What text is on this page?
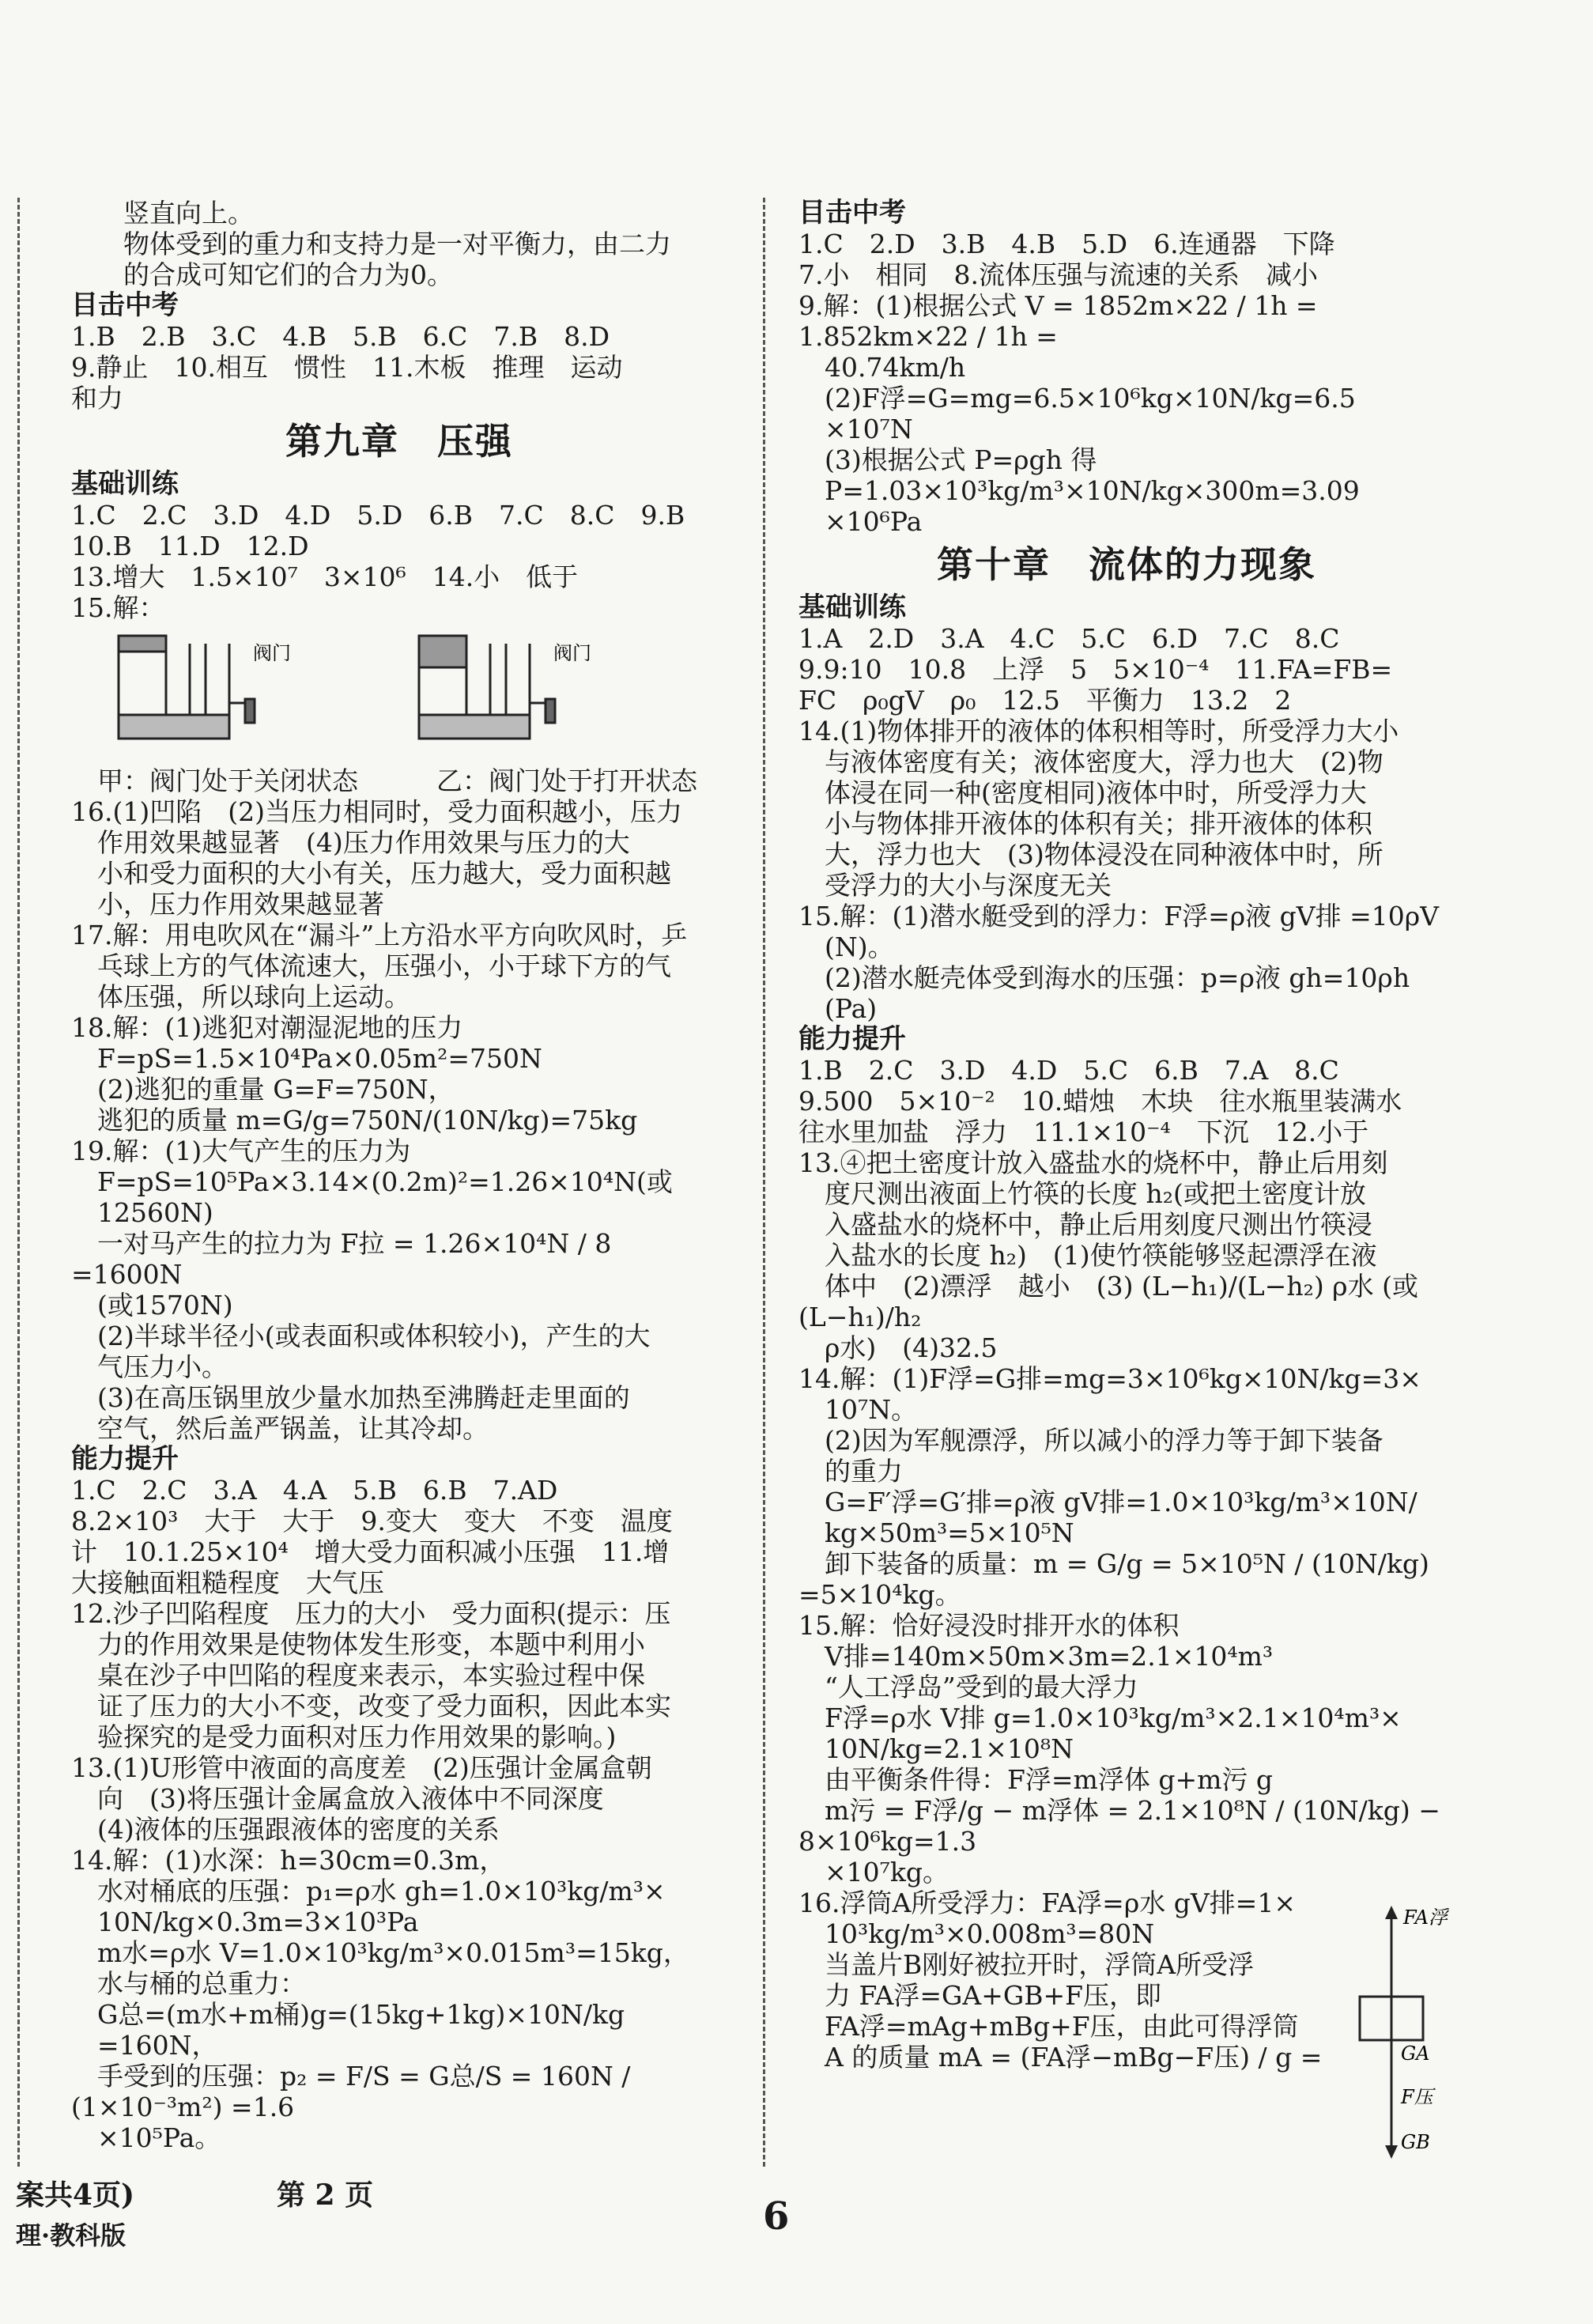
　　竖直向上。

　　物体受到的重力和支持力是一对平衡力，由二力

　　的合成可知它们的合力为0。

目击中考

1.B　2.B　3.C　4.B　5.B　6.C　7.B　8.D

9.静止　10.相互　惯性　11.木板　推理　运动

和力

第九章　压强

基础训练

1.C　2.C　3.D　4.D　5.D　6.B　7.C　8.C　9.B

10.B　11.D　12.D

13.增大　1.5×10⁷　3×10⁶　14.小　低于

15.解：

阀门	阀门

　甲：阀门处于关闭状态　　　乙：阀门处于打开状态

16.(1)凹陷　(2)当压力相同时，受力面积越小，压力

　作用效果越显著　(4)压力作用效果与压力的大

　小和受力面积的大小有关，压力越大，受力面积越

　小，压力作用效果越显著

17.解：用电吹风在“漏斗”上方沿水平方向吹风时，乒

　乓球上方的气体流速大，压强小，小于球下方的气

　体压强，所以球向上运动。

18.解：(1)逃犯对潮湿泥地的压力

　F=pS=1.5×10⁴Pa×0.05m²=750N

　(2)逃犯的重量 G=F=750N，

　逃犯的质量 m=G/g=750N/(10N/kg)=75kg

19.解：(1)大气产生的压力为

　F=pS=10⁵Pa×3.14×(0.2m)²=1.26×10⁴N(或

　12560N)

　一对马产生的拉力为 F拉 = 1.26×10⁴N / 8 =1600N

　(或1570N)

　(2)半球半径小(或表面积或体积较小)，产生的大

　气压力小。

　(3)在高压锅里放少量水加热至沸腾赶走里面的

　空气，然后盖严锅盖，让其冷却。

能力提升

1.C　2.C　3.A　4.A　5.B　6.B　7.AD

8.2×10³　大于　大于　9.变大　变大　不变　温度

计　10.1.25×10⁴　增大受力面积减小压强　11.增

大接触面粗糙程度　大气压

12.沙子凹陷程度　压力的大小　受力面积(提示：压

　力的作用效果是使物体发生形变，本题中利用小

　桌在沙子中凹陷的程度来表示，本实验过程中保

　证了压力的大小不变，改变了受力面积，因此本实

　验探究的是受力面积对压力作用效果的影响。)

13.(1)U形管中液面的高度差　(2)压强计金属盒朝

　向　(3)将压强计金属盒放入液体中不同深度

　(4)液体的压强跟液体的密度的关系

14.解：(1)水深：h=30cm=0.3m，

　水对桶底的压强：p₁=ρ水 gh=1.0×10³kg/m³×

　10N/kg×0.3m=3×10³Pa

　m水=ρ水 V=1.0×10³kg/m³×0.015m³=15kg，

　水与桶的总重力：

　G总=(m水+m桶)g=(15kg+1kg)×10N/kg

　=160N，

　手受到的压强：p₂ = F/S = G总/S = 160N / (1×10⁻³m²) =1.6

　×10⁵Pa。

目击中考

1.C　2.D　3.B　4.B　5.D　6.连通器　下降

7.小　相同　8.流体压强与流速的关系　减小

9.解：(1)根据公式 V = 1852m×22 / 1h = 1.852km×22 / 1h =

　40.74km/h

　(2)F浮=G=mg=6.5×10⁶kg×10N/kg=6.5

　×10⁷N

　(3)根据公式 P=ρgh 得

　P=1.03×10³kg/m³×10N/kg×300m=3.09

　×10⁶Pa

第十章　流体的力现象

基础训练

1.A　2.D　3.A　4.C　5.C　6.D　7.C　8.C

9.9:10　10.8　上浮　5　5×10⁻⁴　11.FA=FB=

FC　ρ₀gV　ρ₀　12.5　平衡力　13.2　2

14.(1)物体排开的液体的体积相等时，所受浮力大小

　与液体密度有关；液体密度大，浮力也大　(2)物

　体浸在同一种(密度相同)液体中时，所受浮力大

　小与物体排开液体的体积有关；排开液体的体积

　大，浮力也大　(3)物体浸没在同种液体中时，所

　受浮力的大小与深度无关

15.解：(1)潜水艇受到的浮力：F浮=ρ液 gV排 =10ρV

　(N)。

　(2)潜水艇壳体受到海水的压强：p=ρ液 gh=10ρh

　(Pa)

能力提升

1.B　2.C　3.D　4.D　5.C　6.B　7.A　8.C

9.500　5×10⁻²　10.蜡烛　木块　往水瓶里装满水

往水里加盐　浮力　11.1×10⁻⁴　下沉　12.小于

13.④把土密度计放入盛盐水的烧杯中，静止后用刻

　度尺测出液面上竹筷的长度 h₂(或把土密度计放

　入盛盐水的烧杯中，静止后用刻度尺测出竹筷浸

　入盐水的长度 h₂)　(1)使竹筷能够竖起漂浮在液

　体中　(2)漂浮　越小　(3) (L−h₁)/(L−h₂) ρ水 (或 (L−h₁)/h₂

　ρ水)　(4)32.5

14.解：(1)F浮=G排=mg=3×10⁶kg×10N/kg=3×

　10⁷N。

　(2)因为军舰漂浮，所以减小的浮力等于卸下装备

　的重力

　G=F′浮=G′排=ρ液 gV排=1.0×10³kg/m³×10N/

　kg×50m³=5×10⁵N

　卸下装备的质量：m = G/g = 5×10⁵N / (10N/kg) =5×10⁴kg。

15.解：恰好浸没时排开水的体积

　V排=140m×50m×3m=2.1×10⁴m³

　“人工浮岛”受到的最大浮力

　F浮=ρ水 V排 g=1.0×10³kg/m³×2.1×10⁴m³×

　10N/kg=2.1×10⁸N

　由平衡条件得：F浮=m浮体 g+m污 g

　m污 = F浮/g − m浮体 = 2.1×10⁸N / (10N/kg) − 8×10⁶kg=1.3

　×10⁷kg。

16.浮筒A所受浮力：FA浮=ρ水 gV排=1×

　10³kg/m³×0.008m³=80N

　当盖片B刚好被拉开时，浮筒A所受浮

　力 FA浮=GA+GB+F压，即

　FA浮=mAg+mBg+F压，由此可得浮筒

　A 的质量 mA = (FA浮−mBg−F压) / g =

FA浮
GA
F压
GB
案共4页)	第 2 页
理·教科版	6
